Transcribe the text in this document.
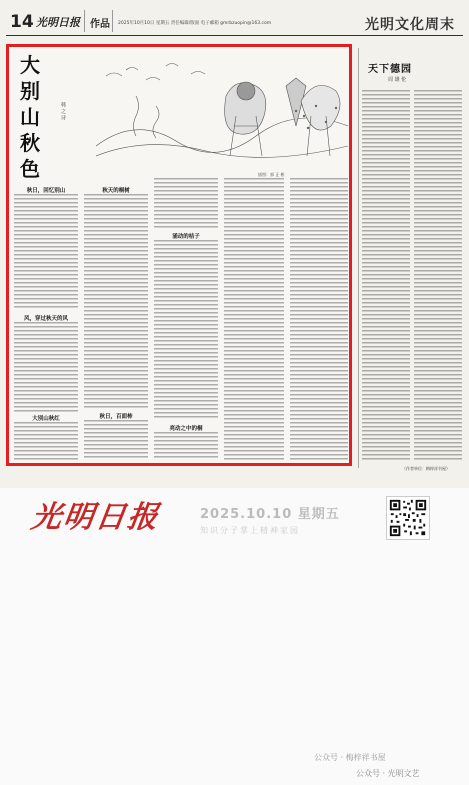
14 光明日报 作品 2025年10月10日 星期五 责任编辑/版面 电子邮箱 gmrbzuopin@163.com	光明文化周末
大
别
山
秋
色
韩 之 诗
插图：郭 正 彬
秋日，回忆别山
风，穿过秋天的风
大别山秋红
秋天的桐树
秋日，百面柿
涌动的桔子
亮动之中的桐
天下德园
周 雄 伦
（作者单位：梅梓祥书屋）
光明日报	2025.10.10 星期五
知识分子掌上精神家园
公众号 · 梅梓祥书屋
公众号 · 光明文艺
